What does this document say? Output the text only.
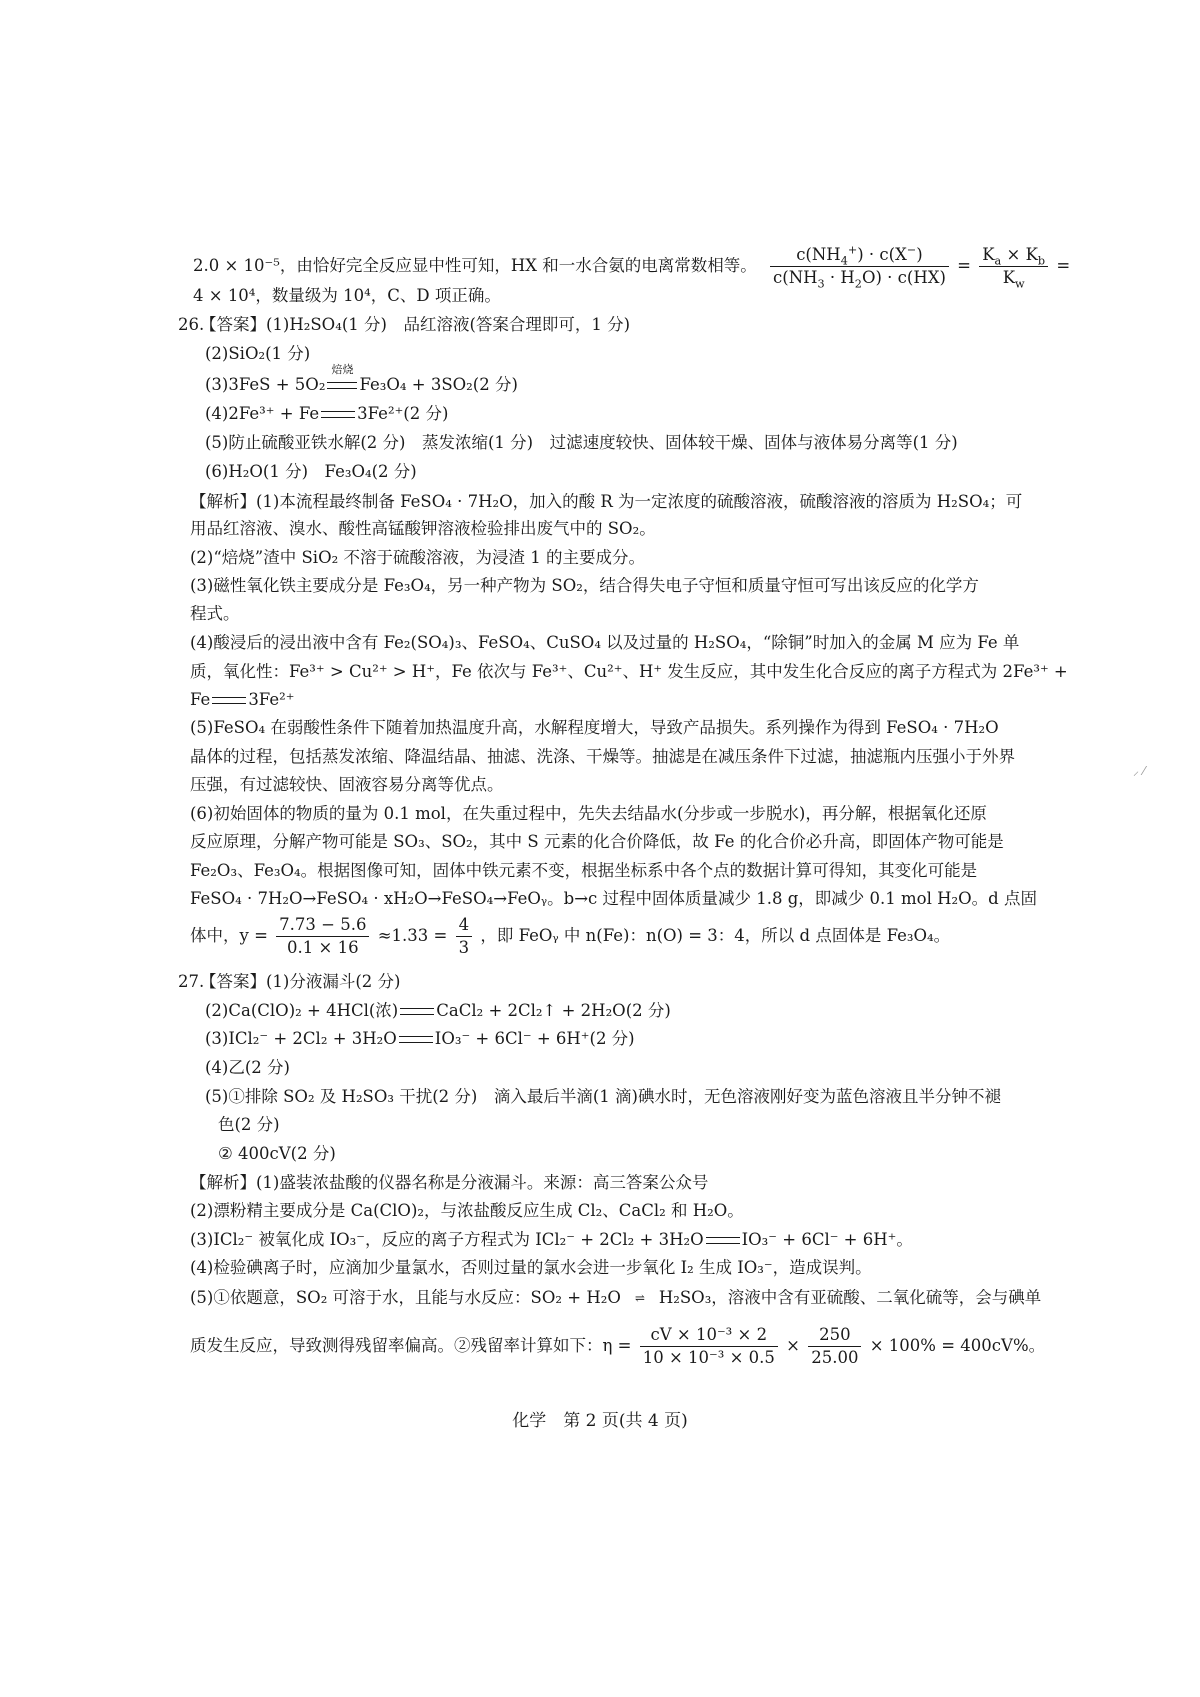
2.0 × 10⁻⁵，由恰好完全反应显中性可知，HX 和一水合氨的电离常数相等。 $\frac{c(NH_4^+) \cdot c(X^-)}{c(NH_3 \cdot H_2O) \cdot c(HX)} = \frac{K_a \times K_b}{K_w}$ =
4 × 10⁴，数量级为 10⁴，C、D 项正确。
26.
【答案】(1)H₂SO₄(1 分)　品红溶液(答案合理即可，1 分)
(2)SiO₂(1 分)
(3)3FeS + 5O₂
焙烧
Fe₃O₄ + 3SO₂(2 分)
(4)2Fe³⁺ + Fe 3Fe²⁺(2 分)
(5)防止硫酸亚铁水解(2 分)　蒸发浓缩(1 分)　过滤速度较快、固体较干燥、固体与液体易分离等(1 分)
(6)H₂O(1 分)　Fe₃O₄(2 分)
【解析】(1)本流程最终制备 FeSO₄ · 7H₂O，加入的酸 R 为一定浓度的硫酸溶液，硫酸溶液的溶质为 H₂SO₄；可
用品红溶液、溴水、酸性高锰酸钾溶液检验排出废气中的 SO₂。
(2)“焙烧”渣中 SiO₂ 不溶于硫酸溶液，为浸渣 1 的主要成分。
(3)磁性氧化铁主要成分是 Fe₃O₄，另一种产物为 SO₂，结合得失电子守恒和质量守恒可写出该反应的化学方
程式。
(4)酸浸后的浸出液中含有 Fe₂(SO₄)₃、FeSO₄、CuSO₄ 以及过量的 H₂SO₄，“除铜”时加入的金属 M 应为 Fe 单
质，氧化性：Fe³⁺ > Cu²⁺ > H⁺，Fe 依次与 Fe³⁺、Cu²⁺、H⁺ 发生反应，其中发生化合反应的离子方程式为 2Fe³⁺ +
Fe 3Fe²⁺
(5)FeSO₄ 在弱酸性条件下随着加热温度升高，水解程度增大，导致产品损失。系列操作为得到 FeSO₄ · 7H₂O
晶体的过程，包括蒸发浓缩、降温结晶、抽滤、洗涤、干燥等。抽滤是在减压条件下过滤，抽滤瓶内压强小于外界
压强，有过滤较快、固液容易分离等优点。
(6)初始固体的物质的量为 0.1 mol，在失重过程中，先失去结晶水(分步或一步脱水)，再分解，根据氧化还原
反应原理，分解产物可能是 SO₃、SO₂，其中 S 元素的化合价降低，故 Fe 的化合价必升高，即固体产物可能是
Fe₂O₃、Fe₃O₄。根据图像可知，固体中铁元素不变，根据坐标系中各个点的数据计算可得知，其变化可能是
FeSO₄ · 7H₂O→FeSO₄ · xH₂O→FeSO₄→FeOᵧ。b→c 过程中固体质量减少 1.8 g，即减少 0.1 mol H₂O。d 点固
体中，$y = \frac{7.73 - 5.6}{0.1 \times 16} \approx 1.33 = \frac{4}{3}$ ，即 FeOᵧ 中 n(Fe)：n(O) = 3：4，所以 d 点固体是 Fe₃O₄。
27.
【答案】(1)分液漏斗(2 分)
(2)Ca(ClO)₂ + 4HCl(浓) CaCl₂ + 2Cl₂↑ + 2H₂O(2 分)
(3)ICl₂⁻ + 2Cl₂ + 3H₂O IO₃⁻ + 6Cl⁻ + 6H⁺(2 分)
(4)乙(2 分)
(5)①排除 SO₂ 及 H₂SO₃ 干扰(2 分)　滴入最后半滴(1 滴)碘水时，无色溶液刚好变为蓝色溶液且半分钟不褪
色(2 分)
② 400cV(2 分)
【解析】(1)盛装浓盐酸的仪器名称是分液漏斗。来源：高三答案公众号
(2)漂粉精主要成分是 Ca(ClO)₂，与浓盐酸反应生成 Cl₂、CaCl₂ 和 H₂O。
(3)ICl₂⁻ 被氧化成 IO₃⁻，反应的离子方程式为 ICl₂⁻ + 2Cl₂ + 3H₂O IO₃⁻ + 6Cl⁻ + 6H⁺。
(4)检验碘离子时，应滴加少量氯水，否则过量的氯水会进一步氧化 I₂ 生成 IO₃⁻，造成误判。
(5)①依题意，SO₂ 可溶于水，且能与水反应：SO₂ + H₂O ⇌ H₂SO₃，溶液中含有亚硫酸、二氧化硫等，会与碘单
质发生反应，导致测得残留率偏高。②残留率计算如下：$\eta = \frac{\text{cV × 10⁻³ × 2}}{\text{10 × 10⁻³ × 0.5}} \times \frac{250}{25.00} \times 100\% = 400cV\%$。
化学　第 2 页(共 4 页)
⸝ ⁄
